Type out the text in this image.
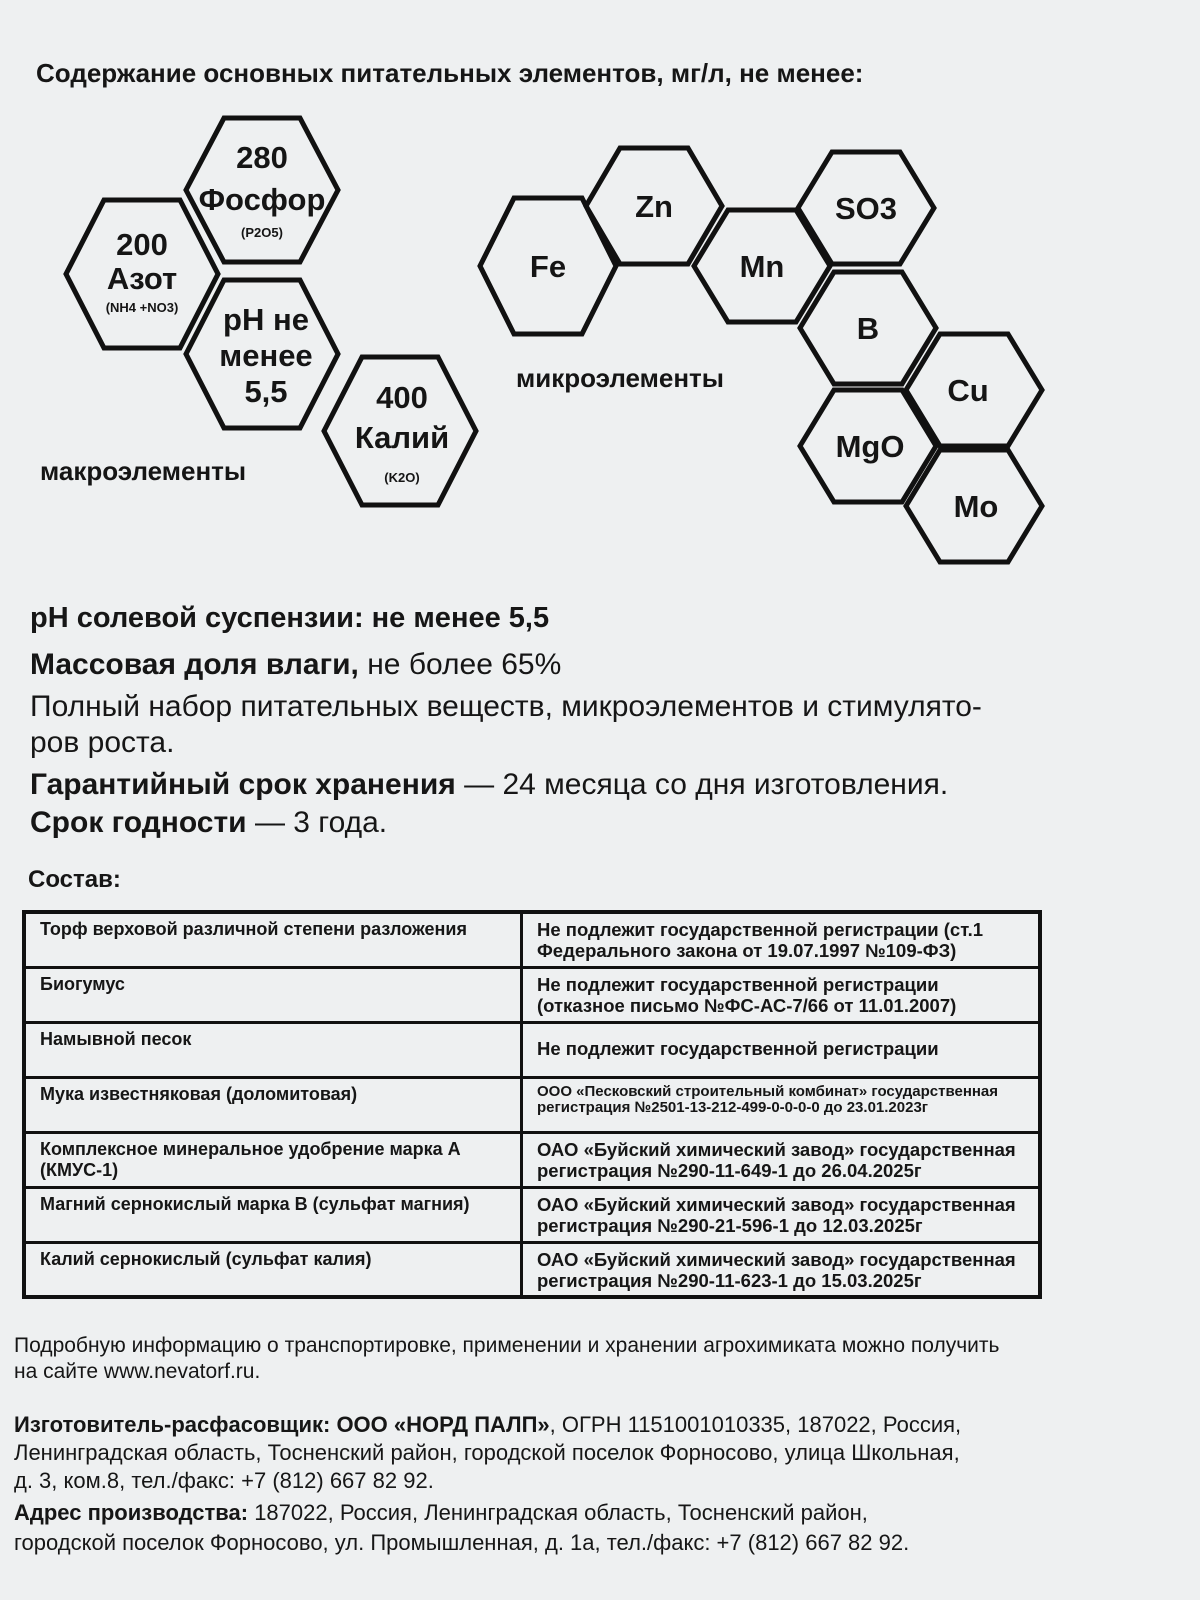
Содержание основных питательных элементов, мг/л, не менее:
200
Азот
(NH4 +NO3)
280
Фосфор
(P2O5)
pH не
менее
5,5	400
Калий
(K2O)
макроэлементы
Fe
Zn
Mn
SO3
B
Cu
MgO
Mo
микроэлементы
pH солевой суспензии: не менее 5,5
Массовая доля влаги, не более 65%
Полный набор питательных веществ, микроэлементов и стимулято-
ров роста.
Гарантийный срок хранения — 24 месяца со дня изготовления.
Срок годности — 3 года.
Состав:
Торф верховой различной степени разложения	Не подлежит государственной регистрации (ст.1 Федерального закона от 19.07.1997 №109-ФЗ)
Биогумус	Не подлежит государственной регистрации (отказное письмо №ФС-АС-7/66 от 11.01.2007)
Намывной песок	Не подлежит государственной регистрации
Мука известняковая (доломитовая)	ООО «Песковский строительный комбинат» государственная регистрация №2501-13-212-499-0-0-0-0 до 23.01.2023г
Комплексное минеральное удобрение марка А (КМУС-1)	ОАО «Буйский химический завод» государственная регистрация №290-11-649-1 до 26.04.2025г
Магний сернокислый марка В (сульфат магния)	ОАО «Буйский химический завод» государственная регистрация №290-21-596-1 до 12.03.2025г
Калий сернокислый (сульфат калия)	ОАО «Буйский химический завод» государственная регистрация №290-11-623-1 до 15.03.2025г
Подробную информацию о транспортировке, применении и хранении агрохимиката можно получить
на сайте www.nevatorf.ru.
Изготовитель-расфасовщик: ООО «НОРД ПАЛП», ОГРН 1151001010335, 187022, Россия,
Ленинградская область, Тосненский район, городской поселок Форносово, улица Школьная,
д. 3, ком.8, тел./факс: +7 (812) 667 82 92.
Адрес производства: 187022, Россия, Ленинградская область, Тосненский район,
городской поселок Форносово, ул. Промышленная, д. 1а, тел./факс: +7 (812) 667 82 92.
